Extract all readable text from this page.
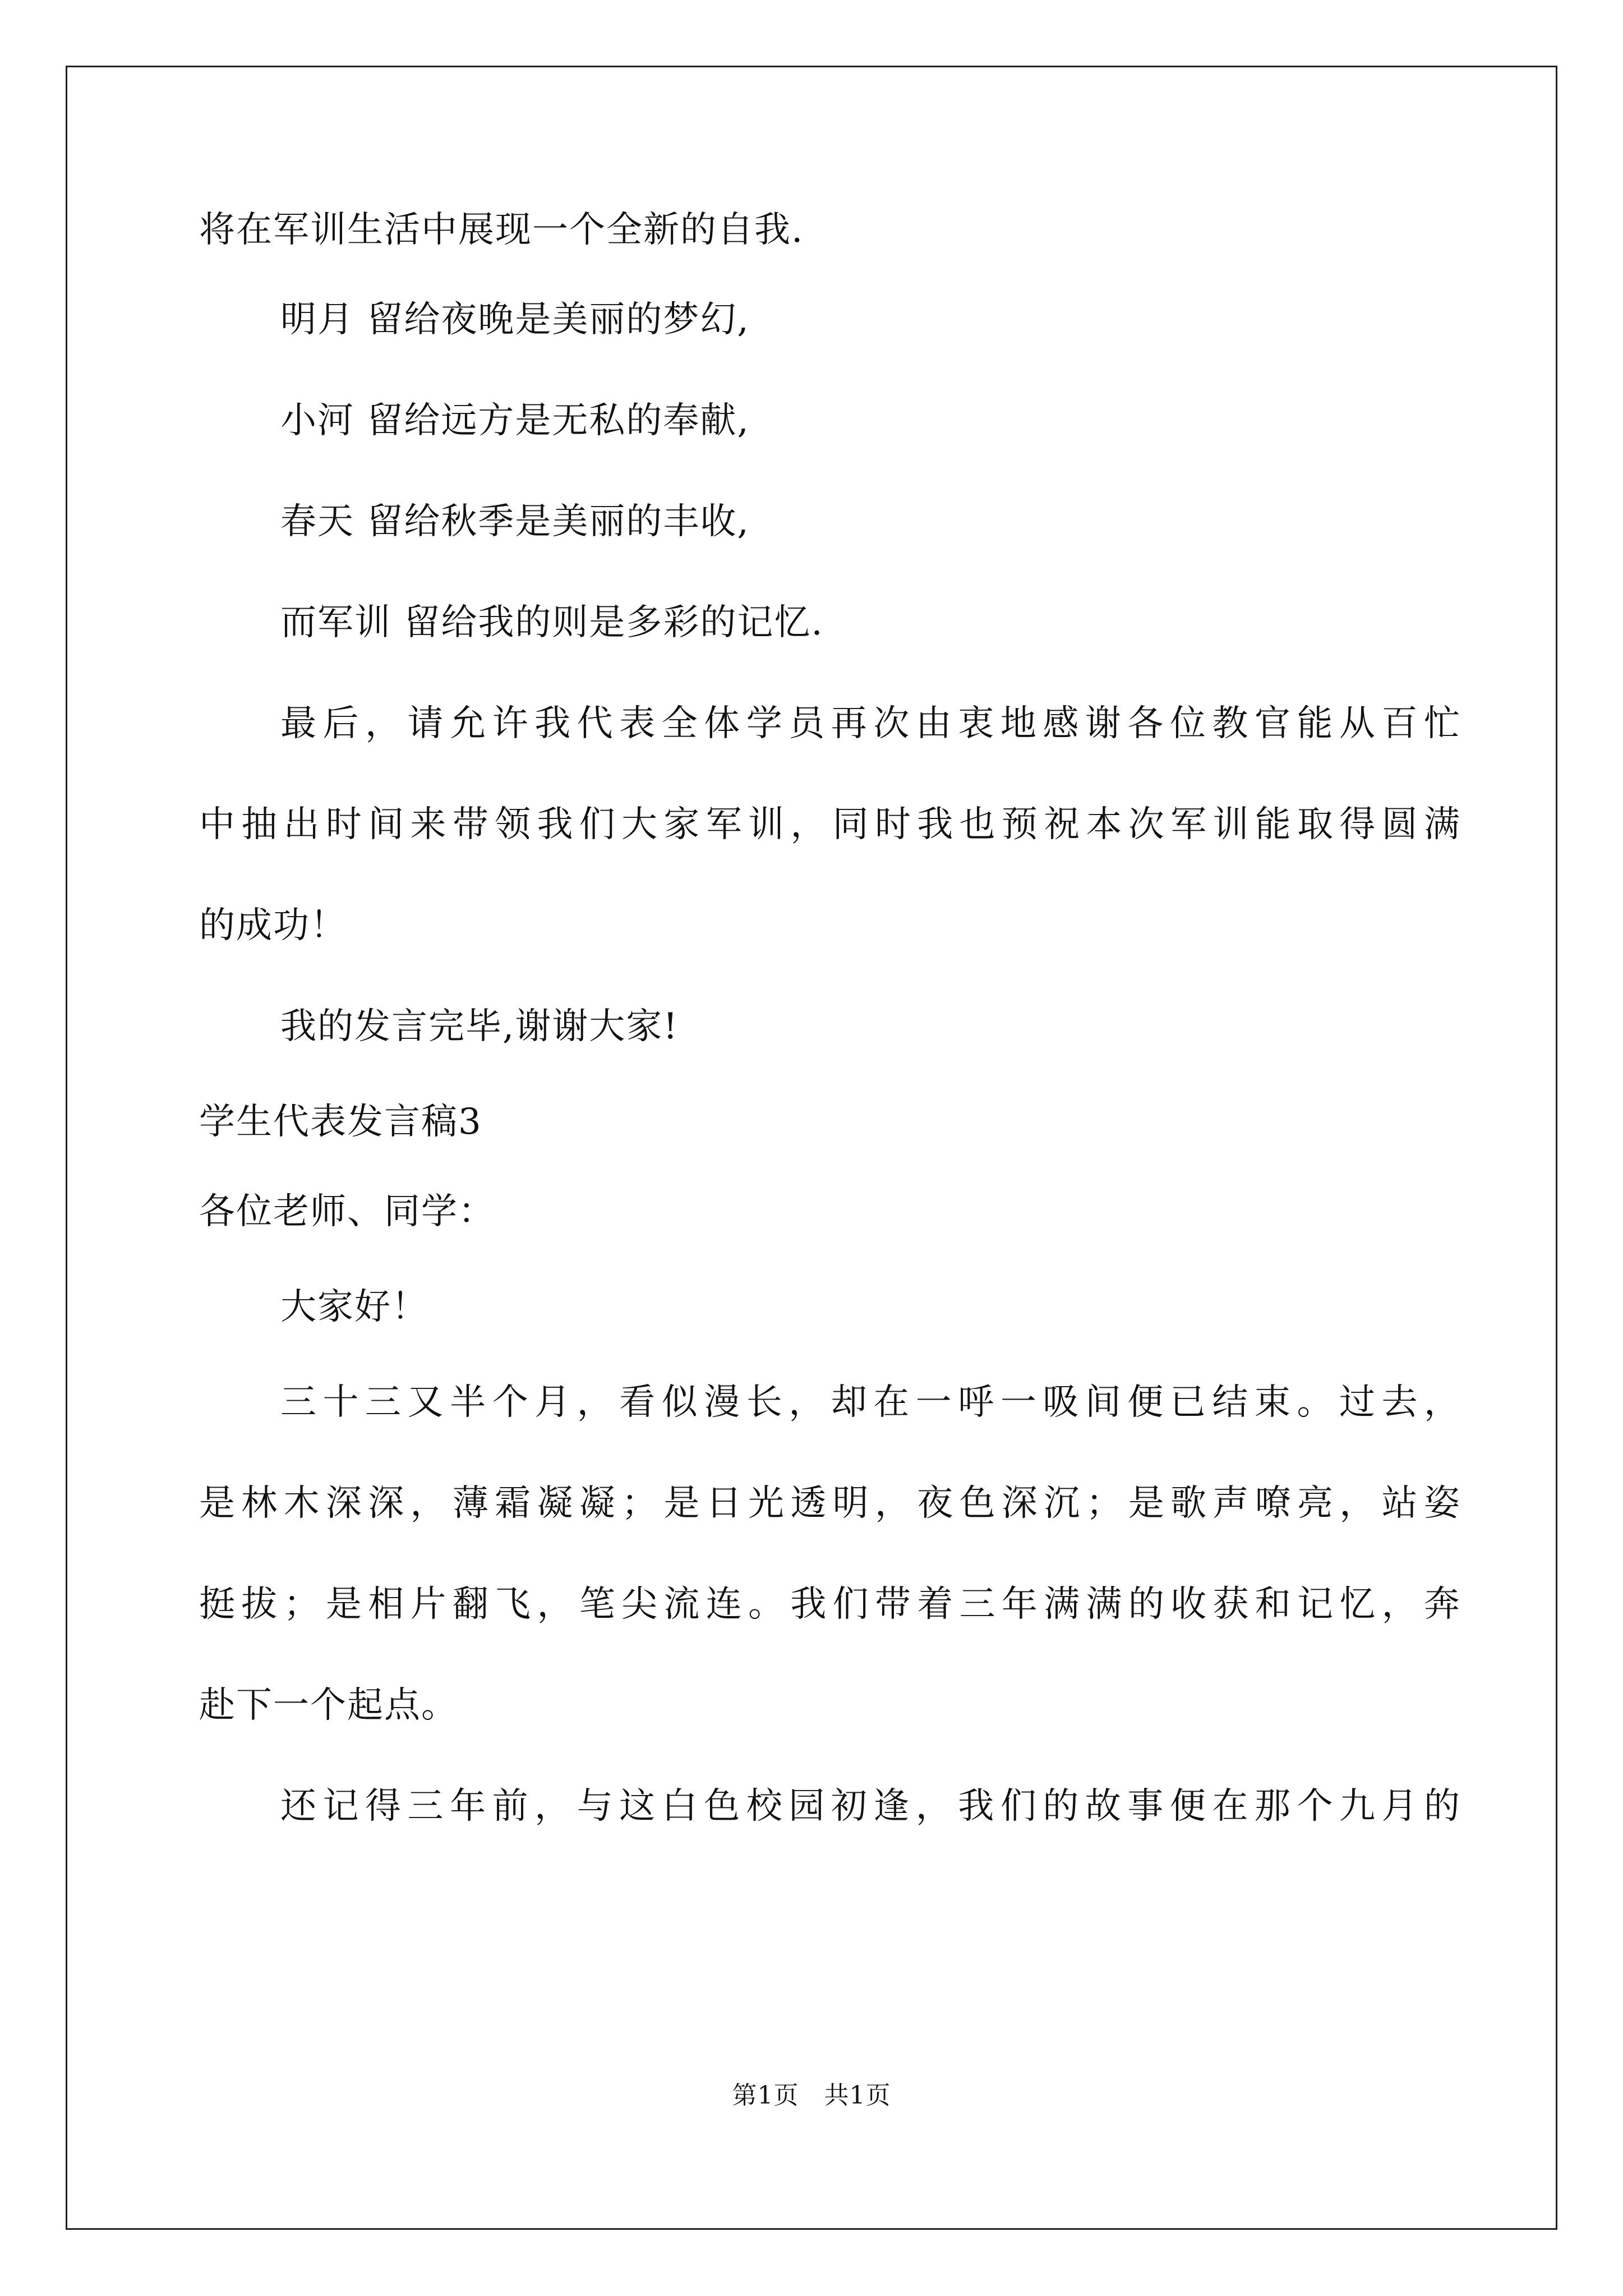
将在军训生活中展现一个全新的自我.
明月 留给夜晚是美丽的梦幻,
小河 留给远方是无私的奉献,
春天 留给秋季是美丽的丰收,
而军训 留给我的则是多彩的记忆.
最后，请允许我代表全体学员再次由衷地感谢各位教官能从百忙
中抽出时间来带领我们大家军训，同时我也预祝本次军训能取得圆满
的成功！
我的发言完毕,谢谢大家!
学生代表发言稿3
各位老师、同学：
大家好！
三十三又半个月，看似漫长，却在一呼一吸间便已结束。过去，
是林木深深，薄霜凝凝；是日光透明，夜色深沉；是歌声嘹亮，站姿
挺拔；是相片翻飞，笔尖流连。我们带着三年满满的收获和记忆，奔
赴下一个起点。
还记得三年前，与这白色校园初逢，我们的故事便在那个九月的
第1页　共1页
